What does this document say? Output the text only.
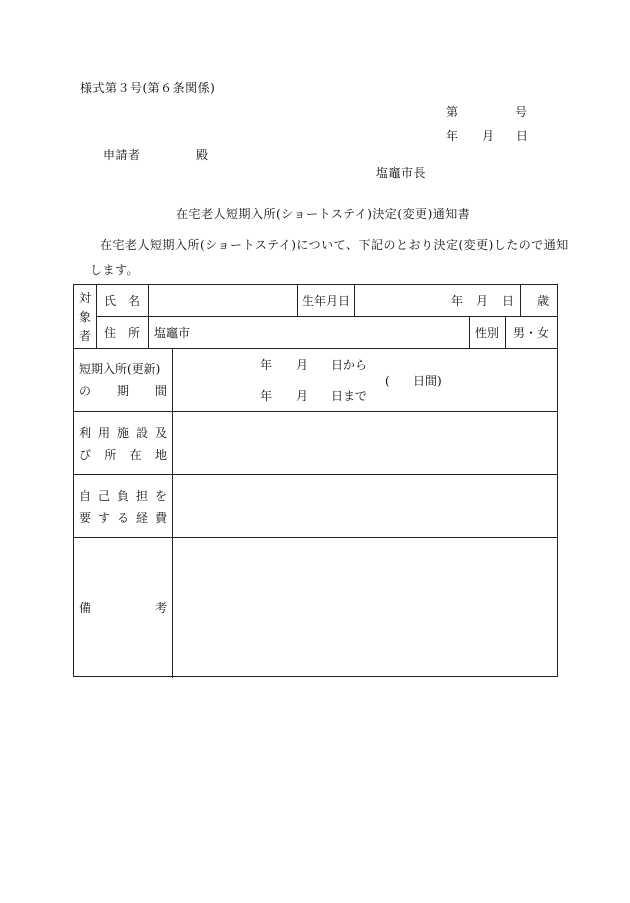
様式第３号(第６条関係)
第	号
年 月 日
申請者	殿
塩竈市長
在宅老人短期入所(ショートステイ)決定(変更)通知書
在宅老人短期入所(ショートステイ)について、下記のとおり決定(変更)したので通知
します。
対
象
者
氏 名	生年月日	年 月 日 歳
住 所 塩竈市	性別 男・女
短期入所(更新)
の 期 間
年 月 日から
年 月 日まで
( 日間)
利 用 施 設 及
び 所 在 地
自 己 負 担 を
要 す る 経 費
備	考
